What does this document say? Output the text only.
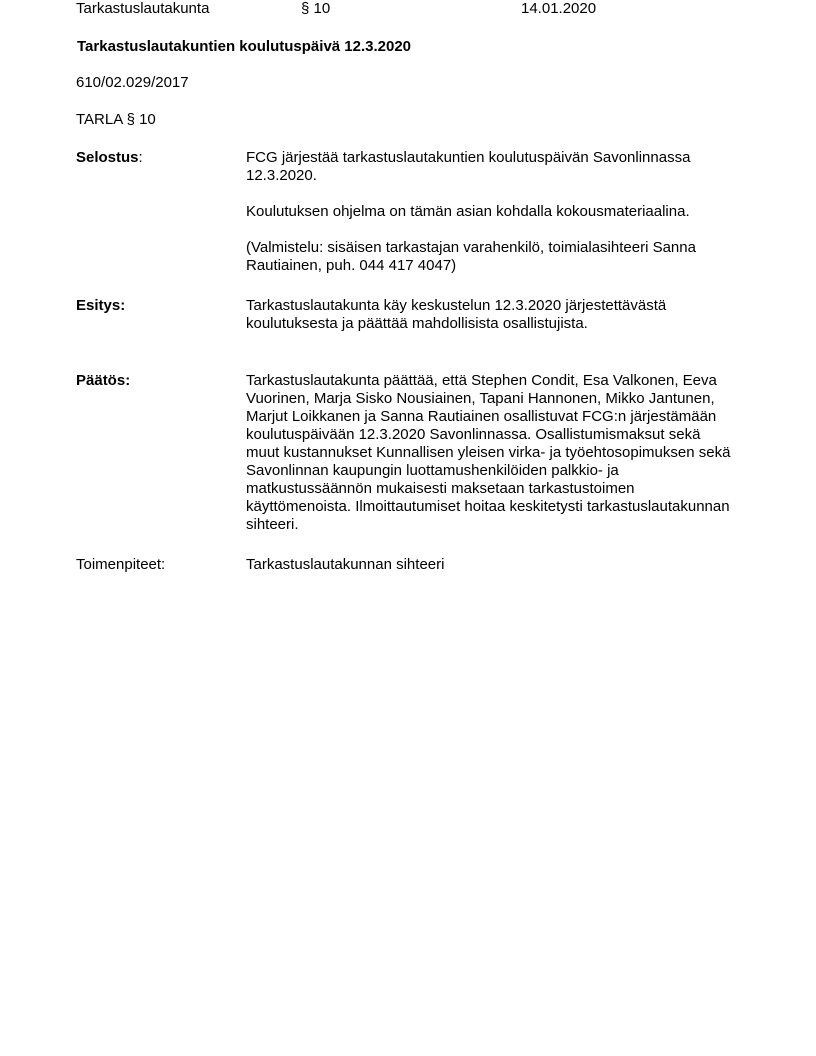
Tarkastuslautakunta	§ 10	14.01.2020
Tarkastuslautakuntien koulutuspäivä 12.3.2020
610/02.029/2017
TARLA § 10
Selostus:	FCG järjestää tarkastuslautakuntien koulutuspäivän Savonlinnassa 12.3.2020.

Koulutuksen ohjelma on tämän asian kohdalla kokousmateriaalina.

(Valmistelu: sisäisen tarkastajan varahenkilö, toimialasihteeri Sanna Rautiainen, puh. 044 417 4047)

Esitys:	Tarkastuslautakunta käy keskustelun 12.3.2020 järjestettävästä koulutuksesta ja päättää mahdollisista osallistujista.

Päätös:	Tarkastuslautakunta päättää, että Stephen Condit, Esa Valkonen, Eeva Vuorinen, Marja Sisko Nousiainen, Tapani Hannonen, Mikko Jantunen, Marjut Loikkanen ja Sanna Rautiainen osallistuvat FCG:n järjestämään koulutuspäivään 12.3.2020 Savonlinnassa. Osallistumismaksut sekä muut kustannukset Kunnallisen yleisen virka- ja työehtosopimuksen sekä Savonlinnan kaupungin luottamushenkilöiden palkkio- ja matkustussäännön mukaisesti maksetaan tarkastustoimen käyttömenoista. Ilmoittautumiset hoitaa keskitetysti tarkastuslautakunnan sihteeri.

Toimenpiteet:	Tarkastuslautakunnan sihteeri
